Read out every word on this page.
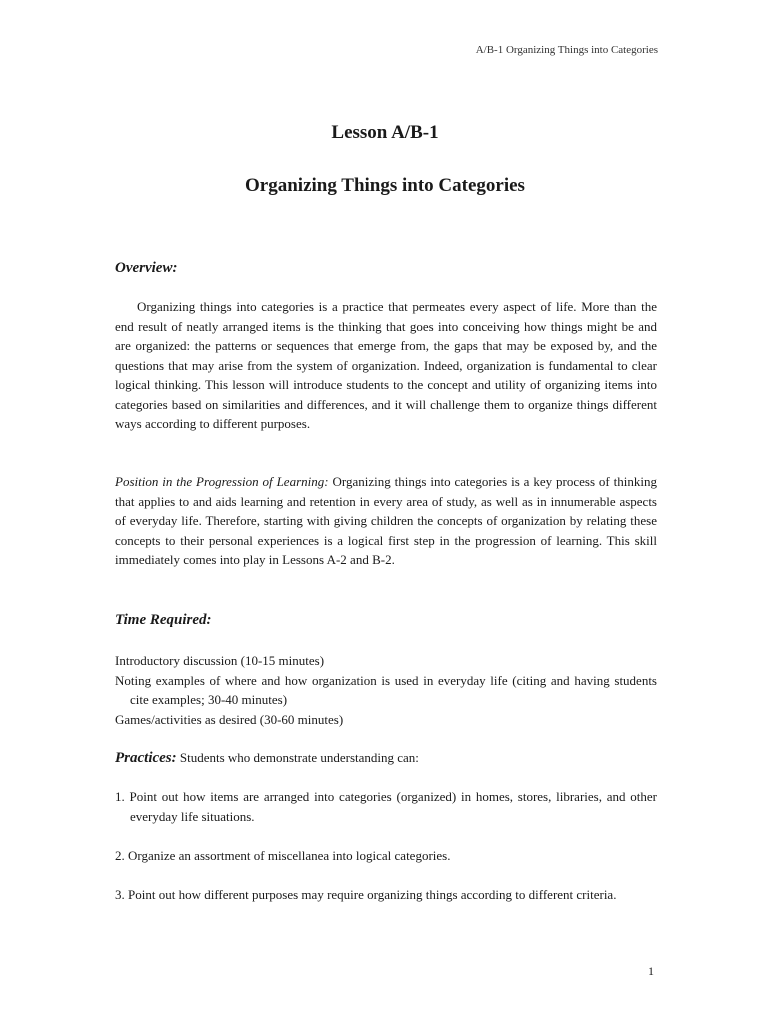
A/B-1 Organizing Things into Categories
Lesson A/B-1
Organizing Things into Categories
Overview:

Organizing things into categories is a practice that permeates every aspect of life. More than the end result of neatly arranged items is the thinking that goes into conceiving how things might be and are organized: the patterns or sequences that emerge from, the gaps that may be exposed by, and the questions that may arise from the system of organization. Indeed, organization is fundamental to clear logical thinking. This lesson will introduce students to the concept and utility of organizing items into categories based on similarities and differences, and it will challenge them to organize things different ways according to different purposes.

Position in the Progression of Learning: Organizing things into categories is a key process of thinking that applies to and aids learning and retention in every area of study, as well as in innumerable aspects of everyday life. Therefore, starting with giving children the concepts of organization by relating these concepts to their personal experiences is a logical first step in the progression of learning. This skill immediately comes into play in Lessons A-2 and B-2.

Time Required:
Introductory discussion (10-15 minutes)
Noting examples of where and how organization is used in everyday life (citing and having students cite examples; 30-40 minutes)
Games/activities as desired (30-60 minutes)

Practices: Students who demonstrate understanding can:

1. Point out how items are arranged into categories (organized) in homes, stores, libraries, and other everyday life situations.
2. Organize an assortment of miscellanea into logical categories.
3. Point out how different purposes may require organizing things according to different criteria.
1
